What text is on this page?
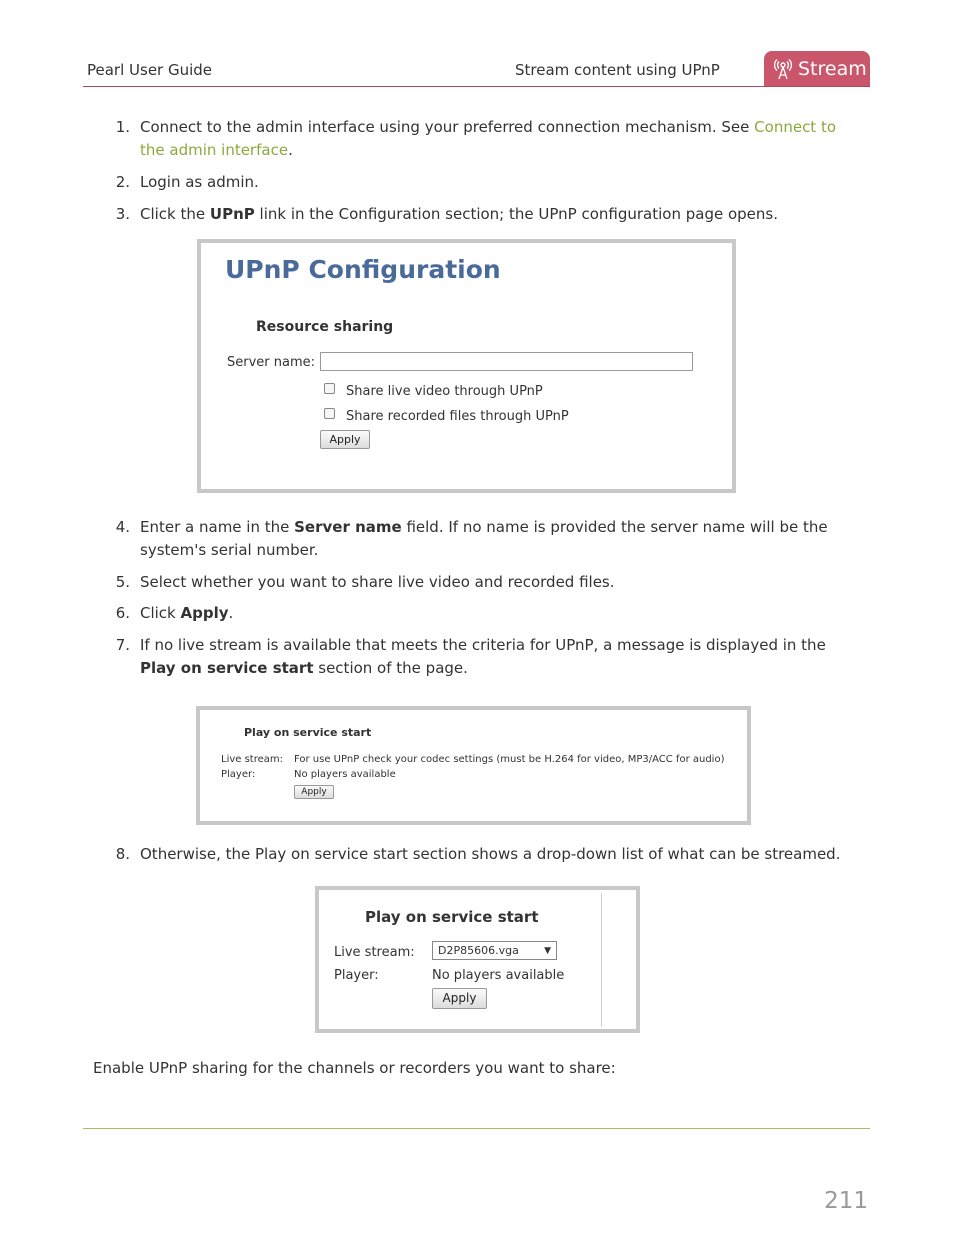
Pearl User Guide	Stream content using UPnP	Stream
1. Connect to the admin interface using your preferred connection mechanism. See Connect to the admin interface.
2. Login as admin.
3. Click the UPnP link in the Configuration section; the UPnP configuration page opens.
UPnP Configuration
Resource sharing
Server name:
Share live video through UPnP
Share recorded files through UPnP
Apply
4. Enter a name in the Server name field. If no name is provided the server name will be the system's serial number.
5. Select whether you want to share live video and recorded files.
6. Click Apply.
7. If no live stream is available that meets the criteria for UPnP, a message is displayed in the Play on service start section of the page.
Play on service start
Live stream: For use UPnP check your codec settings (must be H.264 for video, MP3/ACC for audio)
Player:	No players available
Apply
8. Otherwise, the Play on service start section shows a drop-down list of what can be streamed.
Play on service start
Live stream: D2P85606.vga	▼
Player:	No players available
Apply
Enable UPnP sharing for the channels or recorders you want to share:
211
